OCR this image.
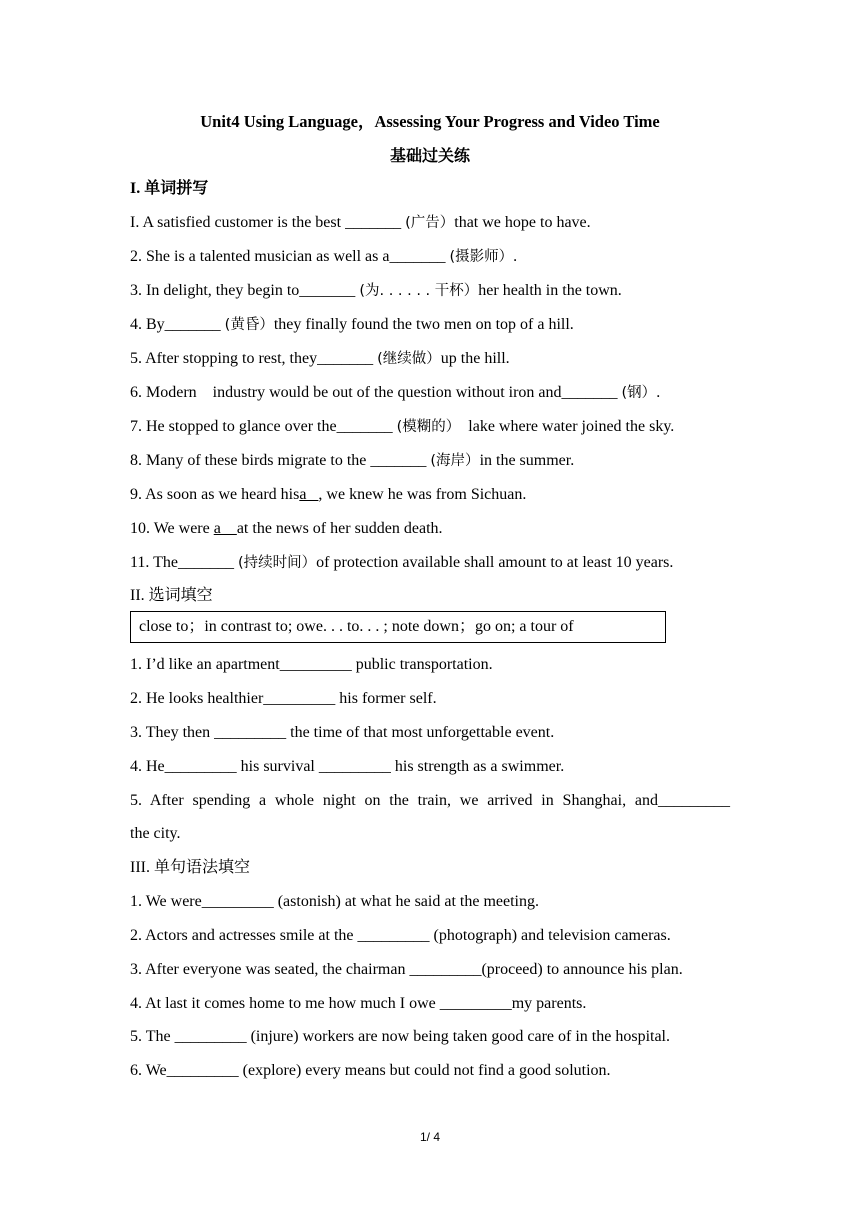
Unit4 Using Language，Assessing Your Progress and Video Time
基础过关练
I. 单词拼写
I. A satisfied customer is the best _______ (广告）that we hope to have.
2. She is a talented musician as well as a_______ (摄影师）.
3. In delight, they begin to_______ (为. . . . . . 干杯）her health in the town.
4. By_______ (黄昏）they finally found the two men on top of a hill.
5. After stopping to rest, they_______ (继续做）up the hill.
6. Modern    industry would be out of the question without iron and_______ (钢）.
7. He stopped to glance over the_______ (模糊的）  lake where water joined the sky.
8. Many of these birds migrate to the _______ (海岸）in the summer.
9. As soon as we heard hisa   , we knew he was from Sichuan.
10. We were a    at the news of her sudden death.
11. The_______ (持续时间）of protection available shall amount to at least 10 years.
II. 选词填空
close to；in contrast to; owe. . . to. . . ; note down；go on; a tour of
1. I’d like an apartment_________ public transportation.
2. He looks healthier_________ his former self.
3. They then _________ the time of that most unforgettable event.
4. He_________ his survival _________ his strength as a swimmer.
5. After spending a whole night on the train, we arrived in Shanghai, and_________
the city.
III. 单句语法填空
1. We were_________ (astonish) at what he said at the meeting.
2. Actors and actresses smile at the _________ (photograph) and television cameras.
3. After everyone was seated, the chairman _________(proceed) to announce his plan.
4. At last it comes home to me how much I owe _________my parents.
5. The _________ (injure) workers are now being taken good care of in the hospital.
6. We_________ (explore) every means but could not find a good solution.
1/ 4
